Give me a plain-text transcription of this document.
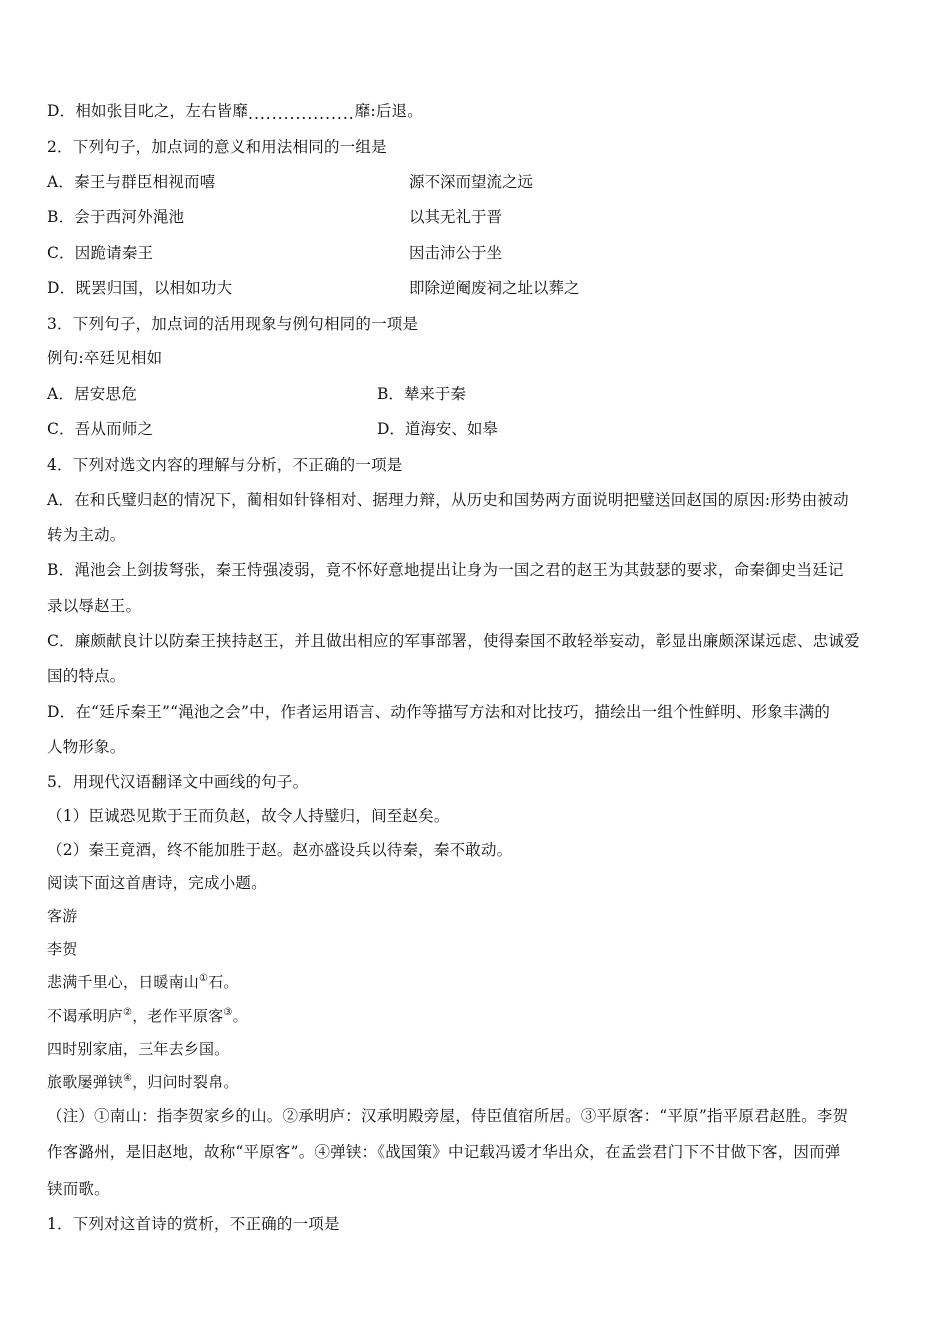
D．相如张目叱之，左右皆靡..................靡:后退。
2．下列句子，加点词的意义和用法相同的一组是
A．秦王与群臣相视而嘻	源不深而望流之远
B．会于西河外渑池	以其无礼于晋
C．因跪请秦王	因击沛公于坐
D．既罢归国，以相如功大	即除逆阉废祠之址以葬之
3．下列句子，加点词的活用现象与例句相同的一项是
例句:卒廷见相如
A．居安思危	B．辇来于秦
C．吾从而师之	D．道海安、如皋
4．下列对选文内容的理解与分析，不正确的一项是
A．在和氏璧归赵的情况下，蔺相如针锋相对、据理力辩，从历史和国势两方面说明把璧送回赵国的原因:形势由被动
转为主动。
B．渑池会上剑拔弩张，秦王恃强凌弱，竟不怀好意地提出让身为一国之君的赵王为其鼓瑟的要求，命秦御史当廷记
录以辱赵王。
C．廉颇献良计以防秦王挟持赵王，并且做出相应的军事部署，使得秦国不敢轻举妄动，彰显出廉颇深谋远虑、忠诚爱
国的特点。
D．在“廷斥秦王”“渑池之会”中，作者运用语言、动作等描写方法和对比技巧，描绘出一组个性鲜明、形象丰满的
人物形象。
5．用现代汉语翻译文中画线的句子。
（1）臣诚恐见欺于王而负赵，故令人持璧归，间至赵矣。
（2）秦王竟酒，终不能加胜于赵。赵亦盛设兵以待秦，秦不敢动。
阅读下面这首唐诗，完成小题。
客游
李贺
悲满千里心，日暖南山①石。
不谒承明庐②，老作平原客③。
四时别家庙，三年去乡国。
旅歌屡弹铗④，归问时裂帛。
（注）①南山：指李贺家乡的山。②承明庐：汉承明殿旁屋，侍臣值宿所居。③平原客：“平原”指平原君赵胜。李贺
作客潞州，是旧赵地，故称“平原客”。④弹铗：《战国策》中记载冯谖才华出众，在孟尝君门下不甘做下客，因而弹
铗而歌。
1．下列对这首诗的赏析，不正确的一项是
